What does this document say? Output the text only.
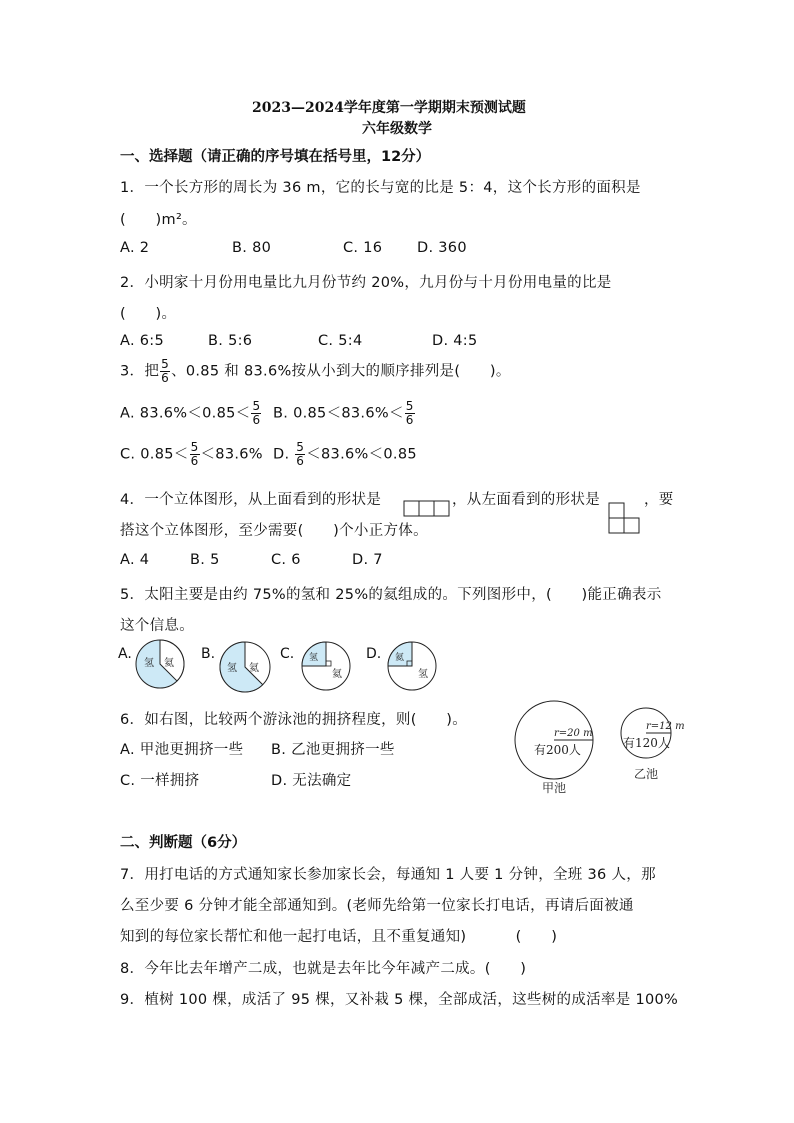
2023—2024学年度第一学期期末预测试题
六年级数学
一、选择题（请正确的序号填在括号里，12分）
1．一个长方形的周长为 36 m，它的长与宽的比是 5：4，这个长方形的面积是
(　　)m²。
A. 2	B. 80	C. 16 D. 360
2．小明家十月份用电量比九月份节约 20%，九月份与十月份用电量的比是
(　　)。
A. 6:5	B. 5:6	C. 5:4	D. 4:5
3．把 $\frac{5}{6}$ 、0.85 和 83.6%按从小到大的顺序排列是(　　)。
A. $83.6\%<0.85< \frac{5}{6} B$. $0.85<83.6\%< \frac{5}{6}$
C. $0.85< \frac{5}{6} <83.6\%$ D. $\frac{5}{6} <83.6\%<0.85$
4．一个立体图形，从上面看到的形状是	，从左面看到的形状是	，要
搭这个立体图形，至少需要(　　)个小正方体。
A. 4	B. 5	C. 6	D. 7
5．太阳主要是由约 75%的氢和 25%的氦组成的。下列图形中，(　　)能正确表示
这个信息。
A.
氢 氦
B.
氢 氦
C. 氢
氦
D. 氦
氢
6．如右图，比较两个游泳池的拥挤程度，则(　　)。
A. 甲池更拥挤一些 B. 乙池更拥挤一些
C. 一样拥挤	D. 无法确定
r=20 m
有200人
甲池
r=12 m
有120人
乙池
二、判断题（6分）
7．用打电话的方式通知家长参加家长会，每通知 1 人要 1 分钟，全班 36 人，那
么至少要 6 分钟才能全部通知到。(老师先给第一位家长打电话，再请后面被通
知到的每位家长帮忙和他一起打电话，且不重复通知)　　　 (　　)
8．今年比去年增产二成，也就是去年比今年减产二成。(　　)
9．植树 100 棵，成活了 95 棵，又补栽 5 棵，全部成活，这些树的成活率是 100%
